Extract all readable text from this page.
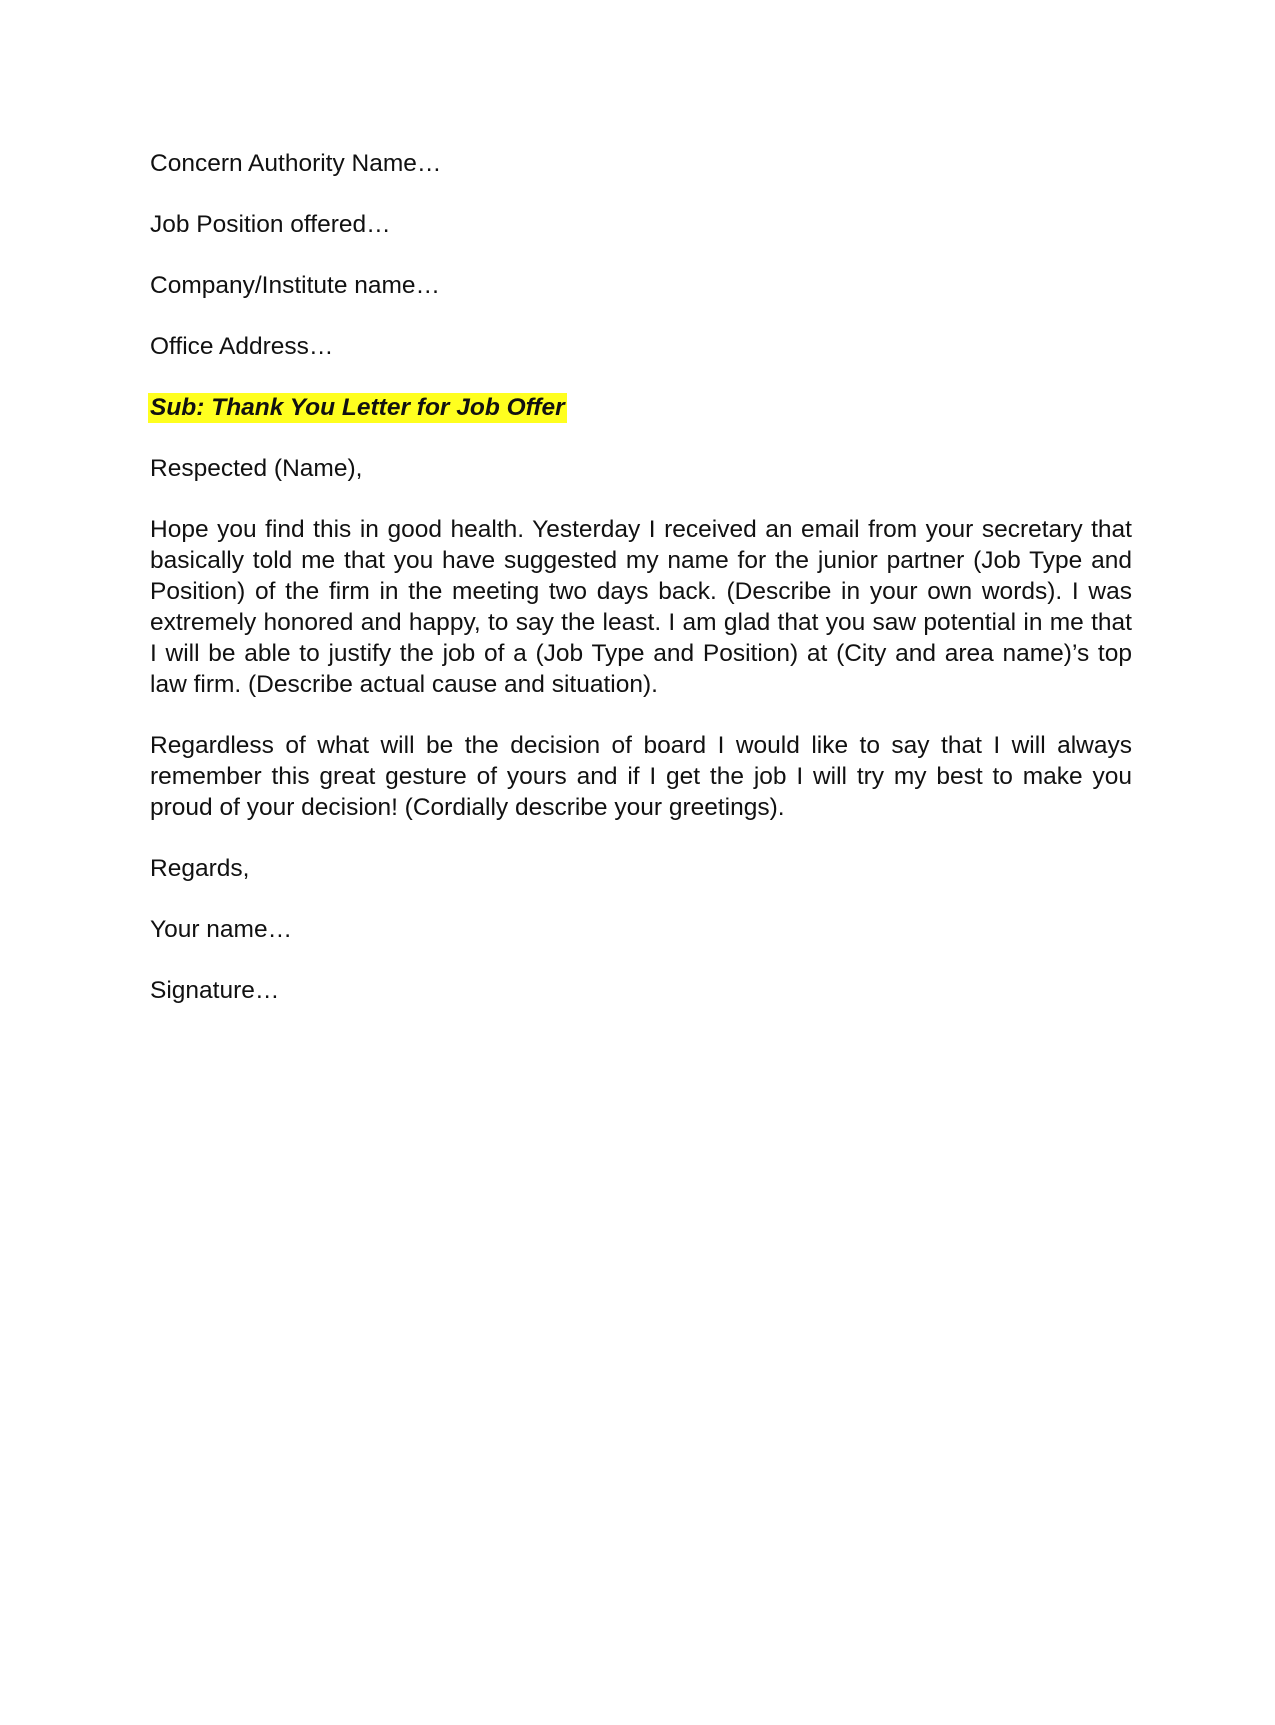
Concern Authority Name…
Job Position offered…
Company/Institute name…
Office Address…
Sub: Thank You Letter for Job Offer
Respected (Name),
Hope you find this in good health. Yesterday I received an email from your secretary that basically told me that you have suggested my name for the junior partner (Job Type and Position) of the firm in the meeting two days back. (Describe in your own words). I was extremely honored and happy, to say the least. I am glad that you saw potential in me that I will be able to justify the job of a (Job Type and Position) at (City and area name)’s top law firm. (Describe actual cause and situation).
Regardless of what will be the decision of board I would like to say that I will always remember this great gesture of yours and if I get the job I will try my best to make you proud of your decision! (Cordially describe your greetings).
Regards,
Your name…
Signature…
